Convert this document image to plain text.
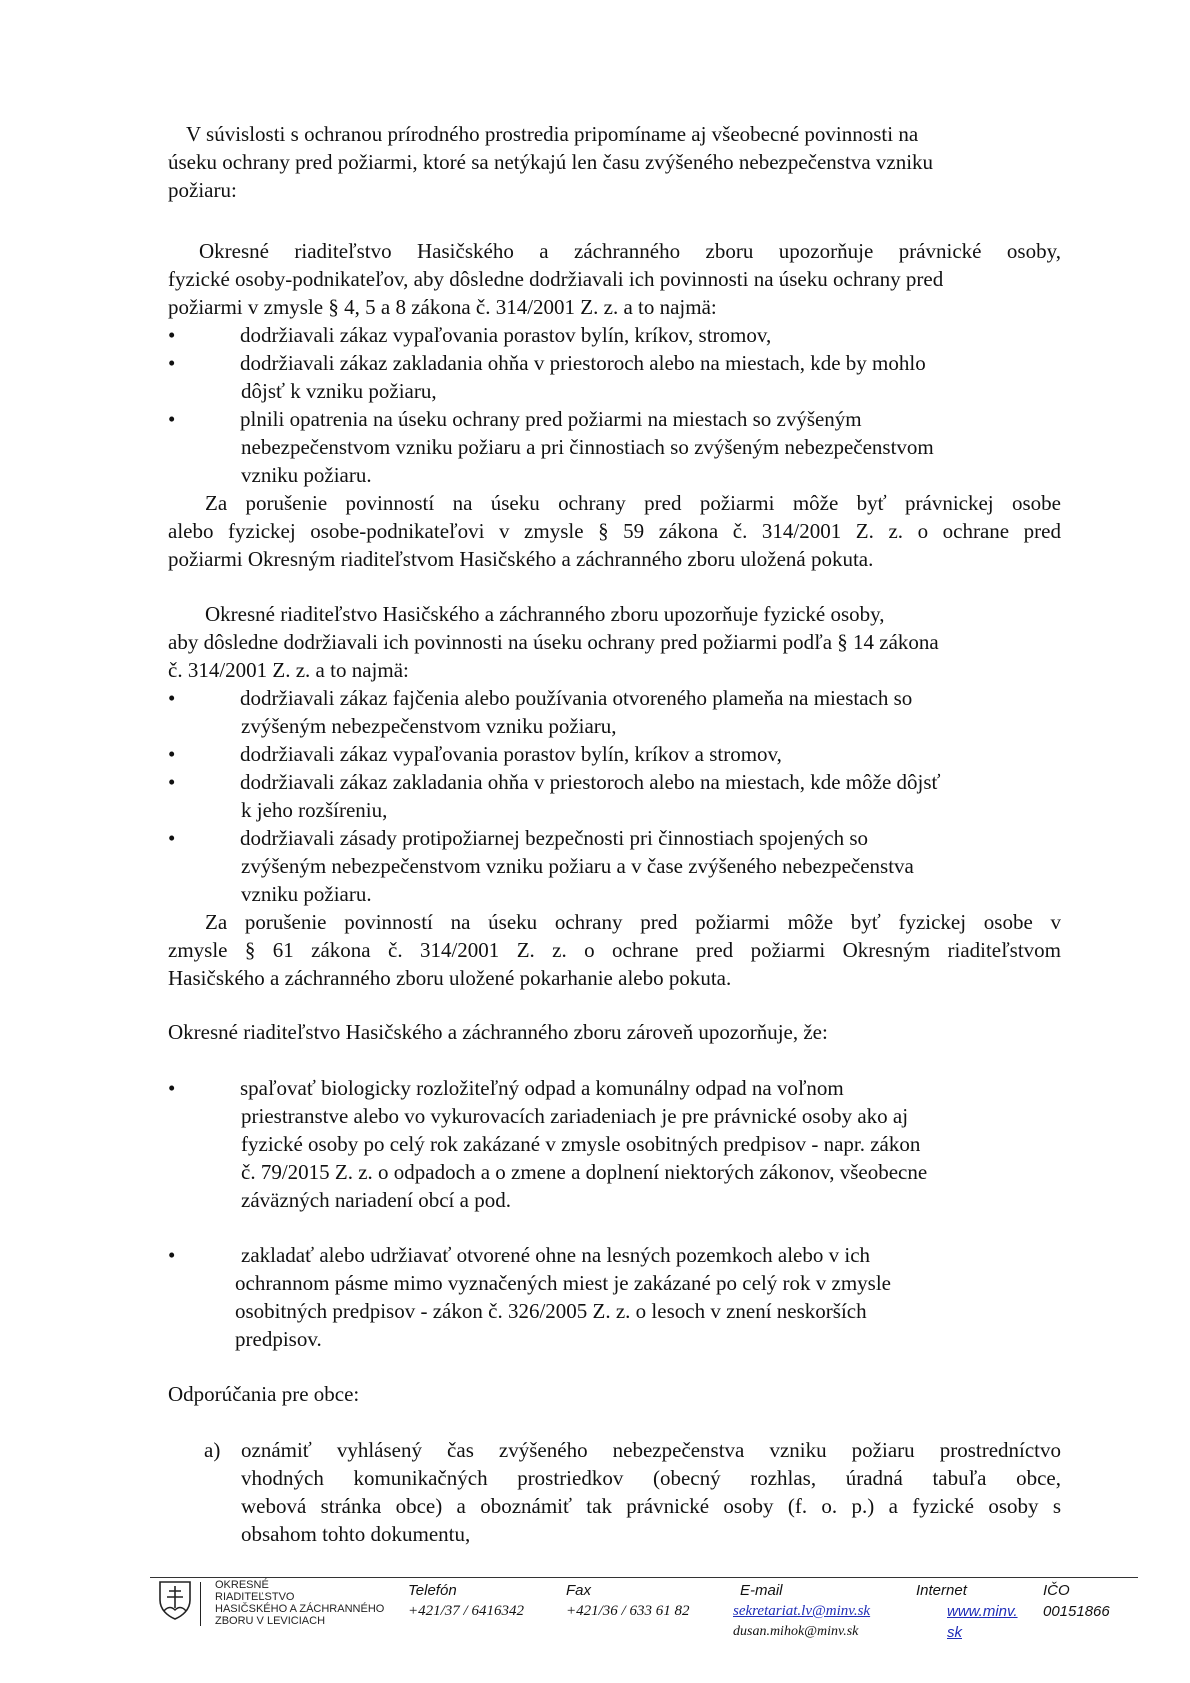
V súvislosti s ochranou prírodného prostredia pripomíname aj všeobecné povinnosti na
úseku ochrany pred požiarmi, ktoré sa netýkajú len času zvýšeného nebezpečenstva vzniku
požiaru:
Okresné riaditeľstvo Hasičského a záchranného zboru upozorňuje právnické osoby,
fyzické osoby-podnikateľov, aby dôsledne dodržiavali ich povinnosti na úseku ochrany pred
požiarmi v zmysle § 4, 5 a 8 zákona č. 314/2001 Z. z. a to najmä:
•	dodržiavali zákaz vypaľovania porastov bylín, kríkov, stromov,
•	dodržiavali zákaz zakladania ohňa v priestoroch alebo na miestach, kde by mohlo
dôjsť k vzniku požiaru,
•	plnili opatrenia na úseku ochrany pred požiarmi na miestach so zvýšeným
nebezpečenstvom vzniku požiaru a pri činnostiach so zvýšeným nebezpečenstvom
vzniku požiaru.
Za porušenie povinností na úseku ochrany pred požiarmi môže byť právnickej osobe
alebo fyzickej osobe-podnikateľovi v zmysle § 59 zákona č. 314/2001 Z. z. o ochrane pred
požiarmi Okresným riaditeľstvom Hasičského a záchranného zboru uložená pokuta.
Okresné riaditeľstvo Hasičského a záchranného zboru upozorňuje fyzické osoby,
aby dôsledne dodržiavali ich povinnosti na úseku ochrany pred požiarmi podľa § 14 zákona
č. 314/2001 Z. z. a to najmä:
•	dodržiavali zákaz fajčenia alebo používania otvoreného plameňa na miestach so
zvýšeným nebezpečenstvom vzniku požiaru,
•	dodržiavali zákaz vypaľovania porastov bylín, kríkov a stromov,
•	dodržiavali zákaz zakladania ohňa v priestoroch alebo na miestach, kde môže dôjsť
k jeho rozšíreniu,
•	dodržiavali zásady protipožiarnej bezpečnosti pri činnostiach spojených so
zvýšeným nebezpečenstvom vzniku požiaru a v čase zvýšeného nebezpečenstva
vzniku požiaru.
Za porušenie povinností na úseku ochrany pred požiarmi môže byť fyzickej osobe v
zmysle § 61 zákona č. 314/2001 Z. z. o ochrane pred požiarmi Okresným riaditeľstvom
Hasičského a záchranného zboru uložené pokarhanie alebo pokuta.
Okresné riaditeľstvo Hasičského a záchranného zboru zároveň upozorňuje, že:
•	spaľovať biologicky rozložiteľný odpad a komunálny odpad na voľnom
priestranstve alebo vo vykurovacích zariadeniach je pre právnické osoby ako aj
fyzické osoby po celý rok zakázané v zmysle osobitných predpisov - napr. zákon
č. 79/2015 Z. z. o odpadoch a o zmene a doplnení niektorých zákonov, všeobecne
záväzných nariadení obcí a pod.
•	zakladať alebo udržiavať otvorené ohne na lesných pozemkoch alebo v ich
ochrannom pásme mimo vyznačených miest je zakázané po celý rok v zmysle
osobitných predpisov - zákon č. 326/2005 Z. z. o lesoch v znení neskorších
predpisov.
Odporúčania pre obce:
a) oznámiť vyhlásený čas zvýšeného nebezpečenstva vzniku požiaru prostredníctvo
vhodných komunikačných prostriedkov (obecný rozhlas, úradná tabuľa obce,
webová stránka obce) a oboznámiť tak právnické osoby (f. o. p.) a fyzické osoby s
obsahom tohto dokumentu,
OKRESNÉ
RIADITEĽSTVO
HASIČSKÉHO A ZÁCHRANNÉHO
ZBORU V LEVICIACH
Telefón
+421/37 / 6416342
Fax
+421/36 / 633 61 82
E-mail
sekretariat.lv@minv.sk
dusan.mihok@minv.sk
Internet
www.minv.
sk
IČO
00151866
